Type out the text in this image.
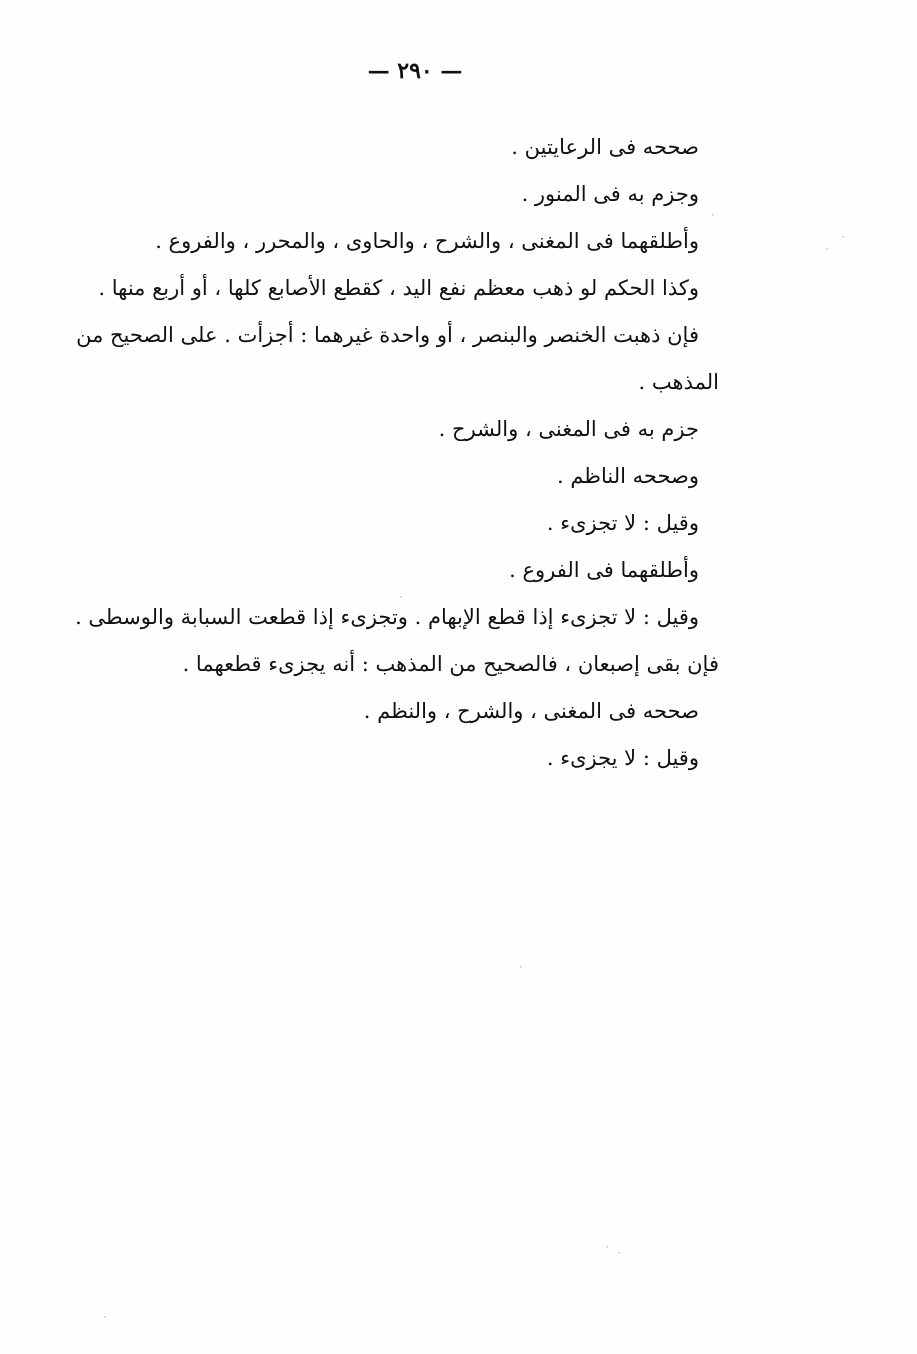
— ٢٩٠ —
صححه فى الرعايتين .
وجزم به فى المنور .
وأطلقهما فى المغنى ، والشرح ، والحاوى ، والمحرر ، والفروع .
وكذا الحكم لو ذهب معظم نفع اليد ، كقطع الأصابع كلها ، أو أربع منها .
فإن ذهبت الخنصر والبنصر ، أو واحدة غيرهما : أجزأت . على الصحيح من
المذهب .
جزم به فى المغنى ، والشرح .
وصححه الناظم .
وقيل : لا تجزىء .
وأطلقهما فى الفروع .
وقيل : لا تجزىء إذا قطع الإبهام . وتجزىء إذا قطعت السبابة والوسطى .
فإن بقى إصبعان ، فالصحيح من المذهب : أنه يجزىء قطعهما .
صححه فى المغنى ، والشرح ، والنظم .
وقيل : لا يجزىء .
